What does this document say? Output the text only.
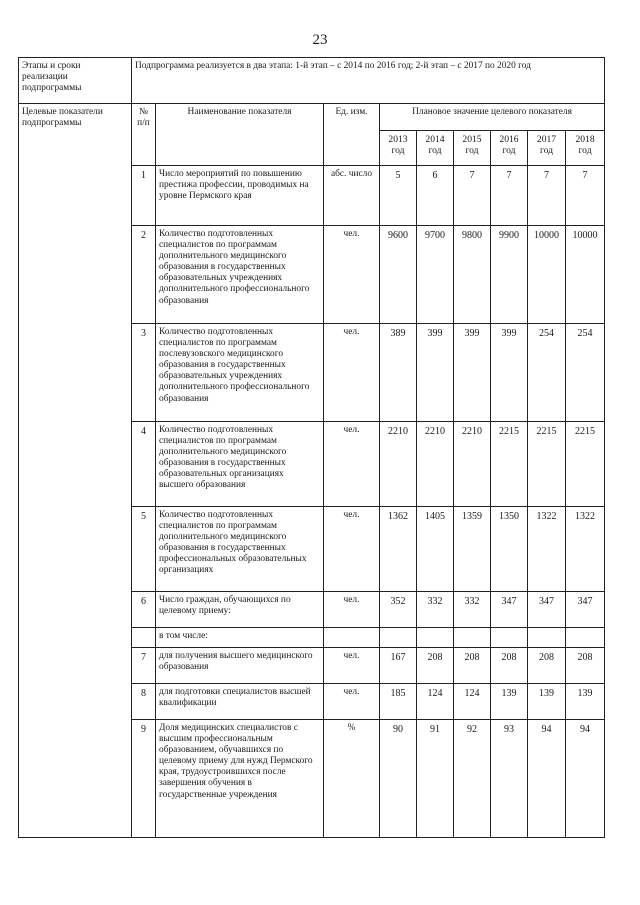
23
Этапы и сроки реализации подпрограммы	Подпрограмма реализуется в два этапа: 1-й этап – с 2014 по 2016 год; 2-й этап – с 2017 по 2020 год								
Целевые показатели подпрограммы	№ п/п	Наименование показателя	Ед. изм.	Плановое значение целевого показателя					
				2013 год	2014 год	2015 год	2016 год	2017 год	2018 год
	1	Число мероприятий по повышению престижа профессии, проводимых на уровне Пермского края	абс. число	5	6	7	7	7	7
	2	Количество подготовленных специалистов по программам дополнительного медицинского образования в государственных образовательных учреждениях дополнительного профессионального образования	чел.	9600	9700	9800	9900	10000	10000
	3	Количество подготовленных специалистов по программам послевузовского медицинского образования в государственных образовательных учреждениях дополнительного профессионального образования	чел.	389	399	399	399	254	254
	4	Количество подготовленных специалистов по программам дополнительного медицинского образования в государственных образовательных организациях высшего образования	чел.	2210	2210	2210	2215	2215	2215
	5	Количество подготовленных специалистов по программам дополнительного медицинского образования в государственных профессиональных образовательных организациях	чел.	1362	1405	1359	1350	1322	1322
	6	Число граждан, обучающихся по целевому приему:	чел.	352	332	332	347	347	347
		в том числе:							
	7	для получения высшего медицинского образования	чел.	167	208	208	208	208	208
	8	для подготовки специалистов высшей квалификации	чел.	185	124	124	139	139	139
	9	Доля медицинских специалистов с высшим профессиональным образованием, обучавшихся по целевому приему для нужд Пермского края, трудоустроившихся после завершения обучения в государственные учреждения	%	90	91	92	93	94	94
